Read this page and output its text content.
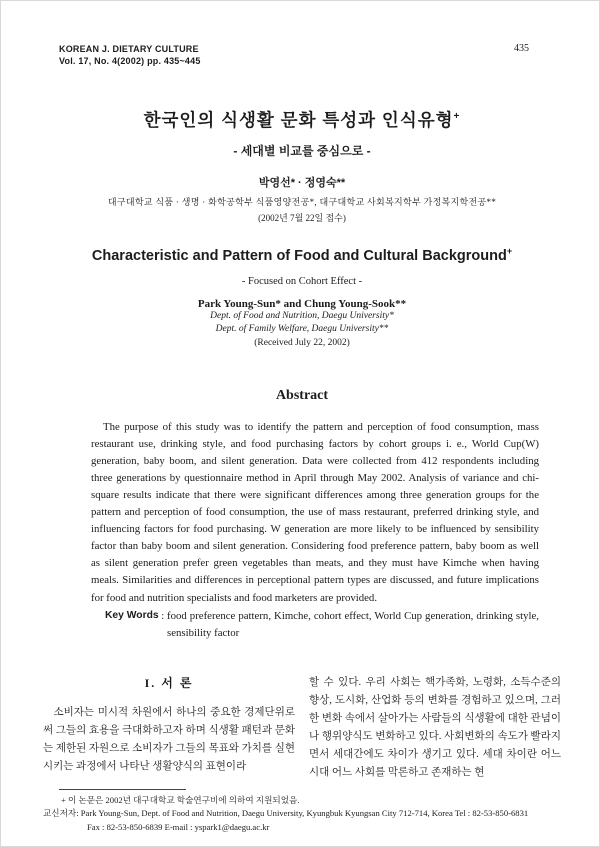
KOREAN J. DIETARY CULTURE
Vol. 17, No. 4(2002) pp. 435~445
435
한국인의 식생활 문화 특성과 인식유형+
- 세대별 비교를 중심으로 -
박영선* · 정영숙**
대구대학교 식품 · 생명 · 화학공학부 식품영양전공*, 대구대학교 사회복지학부 가정복지학전공**
(2002년 7월 22일 접수)
Characteristic and Pattern of Food and Cultural Background+
- Focused on Cohort Effect -
Park Young-Sun* and Chung Young-Sook**
Dept. of Food and Nutrition, Daegu University*
Dept. of Family Welfare, Daegu University**
(Received July 22, 2002)
Abstract

The purpose of this study was to identify the pattern and perception of food consumption, mass restaurant use, drinking style, and food purchasing factors by cohort groups i. e., World Cup(W) generation, baby boom, and silent generation. Data were collected from 412 respondents including three generations by questionnaire method in April through May 2002. Analysis of variance and chi-square results indicate that there were significant differences among three generation groups for the pattern and perception of food consumption, the use of mass restaurant, preferred drinking style, and influencing factors for food purchasing. W generation are more likely to be influenced by sensibility factor than baby boom and silent generation. Considering food preference pattern, baby boom as well as silent generation prefer green vegetables than meats, and they must have Kimche when having meals. Similarities and differences in perceptional pattern types are discussed, and future implications for food and nutrition specialists and food marketers are provided.

Key Words : food preference pattern, Kimche, cohort effect, World Cup generation, drinking style, sensibility factor
I. 서 론

소비자는 미시적 차원에서 하나의 중요한 경제단위로써 그들의 효용을 극대화하고자 하며 식생활 패턴과 문화는 제한된 자원으로 소비자가 그들의 목표와 가치를 실현시키는 과정에서 나타난 생활양식의 표현이라

할 수 있다. 우리 사회는 핵가족화, 노령화, 소득수준의 향상, 도시화, 산업화 등의 변화를 경험하고 있으며, 그러한 변화 속에서 살아가는 사람들의 식생활에 대한 관념이나 행위양식도 변화하고 있다. 사회변화의 속도가 빨라지면서 세대간에도 차이가 생기고 있다. 세대 차이란 어느 시대 어느 사회를 막론하고 존재하는 현

+ 이 논문은 2002년 대구대학교 학술연구비에 의하여 지원되었음.
교신저자: Park Young-Sun, Dept. of Food and Nutrition, Daegu University, Kyungbuk Kyungsan City 712-714, Korea Tel : 82-53-850-6831
Fax : 82-53-850-6839 E-mail : yspark1@daegu.ac.kr
